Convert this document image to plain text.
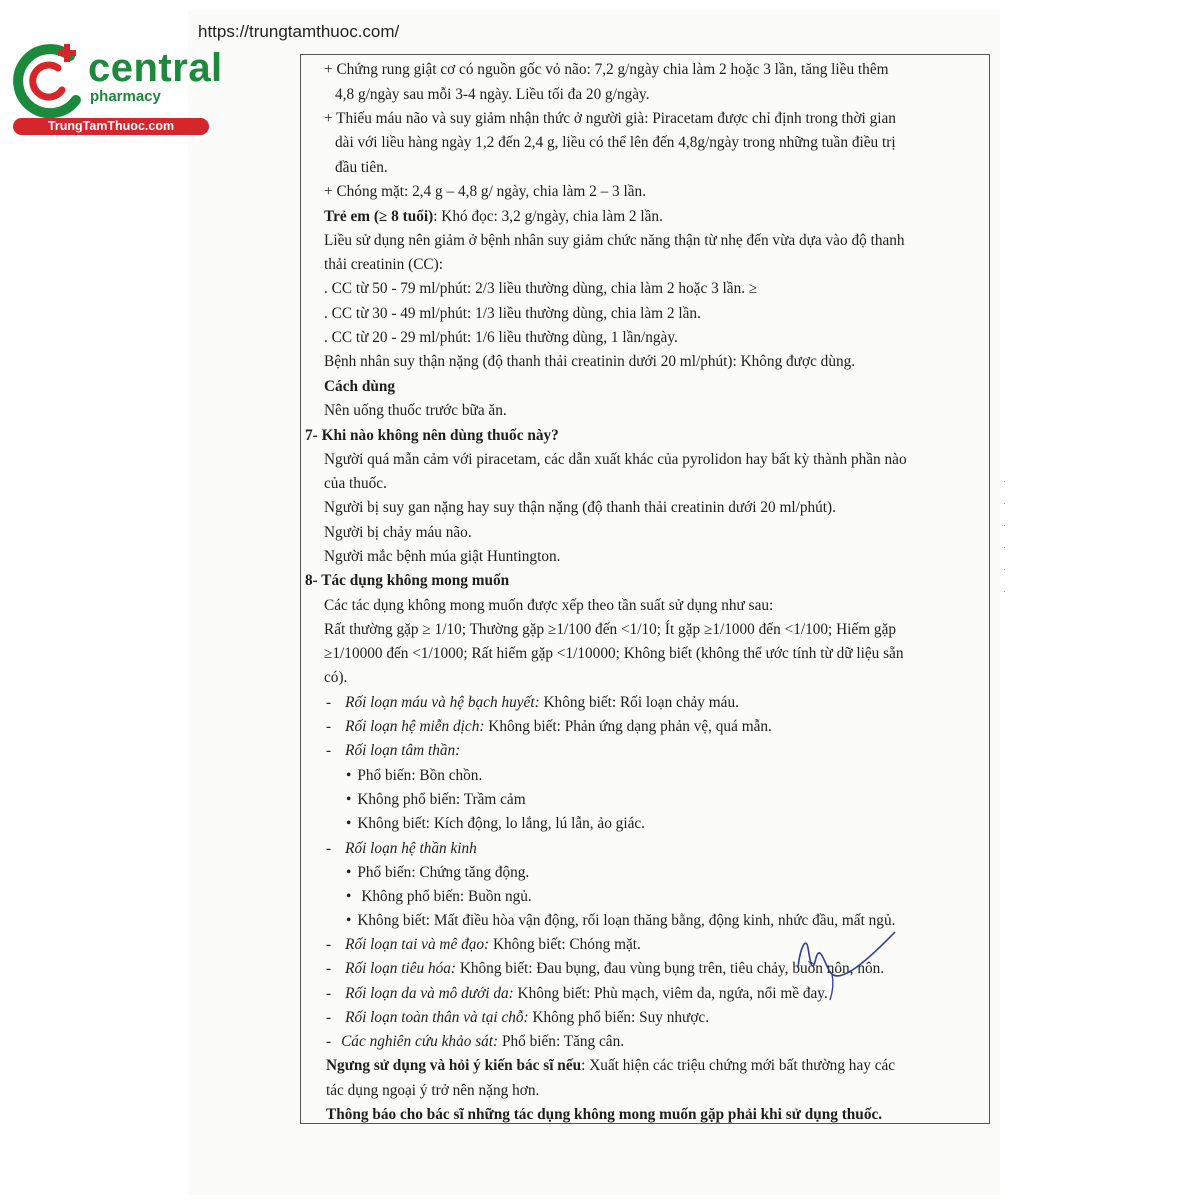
https://trungtamthuoc.com/
central
pharmacy
TrungTamThuoc.com
+ Chứng rung giật cơ có nguồn gốc vỏ não: 7,2 g/ngày chia làm 2 hoặc 3 lần, tăng liều thêm
4,8 g/ngày sau mỗi 3-4 ngày. Liều tối đa 20 g/ngày.
+ Thiếu máu não và suy giảm nhận thức ở người già: Piracetam được chỉ định trong thời gian
dài với liều hàng ngày 1,2 đến 2,4 g, liều có thể lên đến 4,8g/ngày trong những tuần điều trị
đầu tiên.
+ Chóng mặt: 2,4 g – 4,8 g/ ngày, chia làm 2 – 3 lần.
Trẻ em (≥ 8 tuổi): Khó đọc: 3,2 g/ngày, chia làm 2 lần.
Liều sử dụng nên giảm ở bệnh nhân suy giảm chức năng thận từ nhẹ đến vừa dựa vào độ thanh
thải creatinin (CC):
. CC từ 50 - 79 ml/phút: 2/3 liều thường dùng, chia làm 2 hoặc 3 lần. ≥
. CC từ 30 - 49 ml/phút: 1/3 liều thường dùng, chia làm 2 lần.
. CC từ 20 - 29 ml/phút: 1/6 liều thường dùng, 1 lần/ngày.
Bệnh nhân suy thận nặng (độ thanh thải creatinin dưới 20 ml/phút): Không được dùng.
Cách dùng
Nên uống thuốc trước bữa ăn.
7- Khi nào không nên dùng thuốc này?
Người quá mẫn cảm với piracetam, các dẫn xuất khác của pyrolidon hay bất kỳ thành phần nào
của thuốc.
Người bị suy gan nặng hay suy thận nặng (độ thanh thải creatinin dưới 20 ml/phút).
Người bị chảy máu não.
Người mắc bệnh múa giật Huntington.
8- Tác dụng không mong muốn
Các tác dụng không mong muốn được xếp theo tần suất sử dụng như sau:
Rất thường gặp ≥ 1/10; Thường gặp ≥1/100 đến <1/10; Ít gặp ≥1/1000 đến <1/100; Hiếm gặp
≥1/10000 đến <1/1000; Rất hiếm gặp <1/10000; Không biết (không thể ước tính từ dữ liệu sẵn
có).
- Rối loạn máu và hệ bạch huyết: Không biết: Rối loạn chảy máu.
- Rối loạn hệ miễn dịch: Không biết: Phản ứng dạng phản vệ, quá mẫn.
- Rối loạn tâm thần:
• Phổ biến: Bồn chồn.
• Không phổ biến: Trầm cảm
• Không biết: Kích động, lo lắng, lú lẫn, ảo giác.
- Rối loạn hệ thần kinh
• Phổ biến: Chứng tăng động.
• Không phổ biến: Buồn ngủ.
• Không biết: Mất điều hòa vận động, rối loạn thăng bằng, động kinh, nhức đầu, mất ngủ.
- Rối loạn tai và mê đạo: Không biết: Chóng mặt.
- Rối loạn tiêu hóa: Không biết: Đau bụng, đau vùng bụng trên, tiêu chảy, buồn nôn, nôn.
- Rối loạn da và mô dưới da: Không biết: Phù mạch, viêm da, ngứa, nổi mề đay.
- Rối loạn toàn thân và tại chỗ: Không phổ biến: Suy nhược.
- Các nghiên cứu khảo sát: Phổ biến: Tăng cân.
Ngưng sử dụng và hỏi ý kiến bác sĩ nếu: Xuất hiện các triệu chứng mới bất thường hay các
tác dụng ngoại ý trở nên nặng hơn.
Thông báo cho bác sĩ những tác dụng không mong muốn gặp phải khi sử dụng thuốc.
·
·
·
·
·
·
